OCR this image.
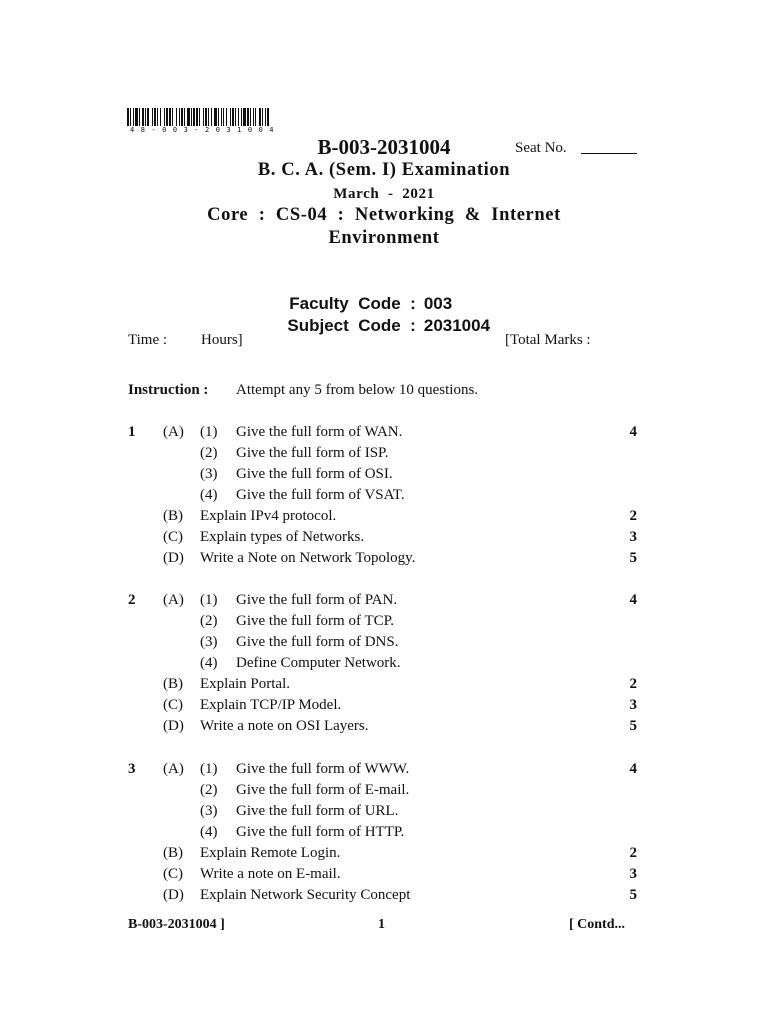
48-003-2031004
B-003-2031004	Seat No.
B. C. A. (Sem. I) Examination
March  -  2021
Core  :  CS-04  :  Networking  &  Internet
Environment

Faculty  Code  : 003

Subject  Code  : 2031004

Time : Hours]	[Total Marks :
Instruction : Attempt any 5 from below 10 questions.
1 (A) (1) Give the full form of WAN.	4
(2) Give the full form of ISP.
(3) Give the full form of OSI.
(4) Give the full form of VSAT.
(B) Explain IPv4 protocol.	2
(C) Explain types of Networks.	3
(D) Write a Note on Network Topology.	5
2 (A) (1) Give the full form of PAN.	4
(2) Give the full form of TCP.
(3) Give the full form of DNS.
(4) Define Computer Network.
(B) Explain Portal.	2
(C) Explain TCP/IP Model.	3
(D) Write a note on OSI Layers.	5
3 (A) (1) Give the full form of WWW.	4
(2) Give the full form of E-mail.
(3) Give the full form of URL.
(4) Give the full form of HTTP.
(B) Explain Remote Login.	2
(C) Write a note on E-mail.	3
(D) Explain Network Security Concept	5
B-003-2031004 ]	1	[ Contd...
